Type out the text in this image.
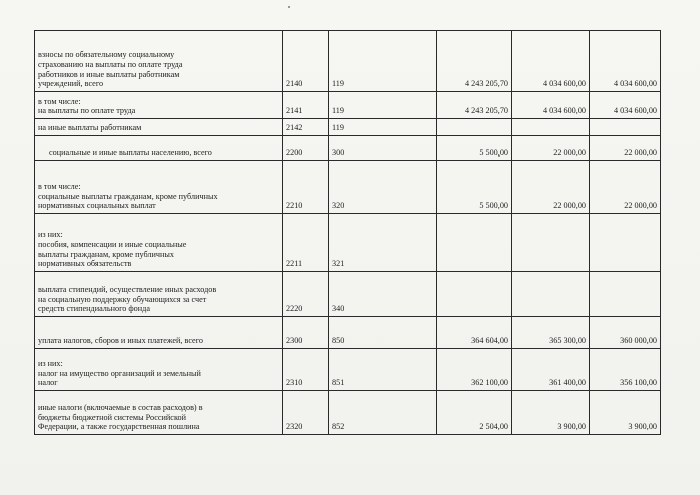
взносы по обязательному социальному
страхованию на выплаты по оплате труда
работников и иные выплаты работникам
учреждений, всего	2140	119	4 243 205,70	4 034 600,00	4 034 600,00

в том числе:
на выплаты по оплате труда	2141	119	4 243 205,70	4 034 600,00	4 034 600,00
на иные выплаты работникам	2142	119			
социальные и иные выплаты населению, всего	2200	300	5 500,00	22 000,00	22 000,00

в том числе:
социальные выплаты гражданам, кроме публичных
нормативных социальных выплат	2210	320	5 500,00	22 000,00	22 000,00

из них:
пособия, компенсации и иные социальные
выплаты гражданам, кроме публичных
нормативных обязательств	2211	321			

выплата стипендий, осуществление иных расходов
на социальную поддержку обучающихся за счет
средств стипендиального фонда	2220	340			
уплата налогов, сборов и иных платежей, всего	2300	850	364 604,00	365 300,00	360 000,00

из них:
налог на имущество организаций и земельный
налог	2310	851	362 100,00	361 400,00	356 100,00

иные налоги (включаемые в состав расходов) в
бюджеты бюджетной системы Российской
Федерации, а также государственная пошлина	2320	852	2 504,00	3 900,00	3 900,00
